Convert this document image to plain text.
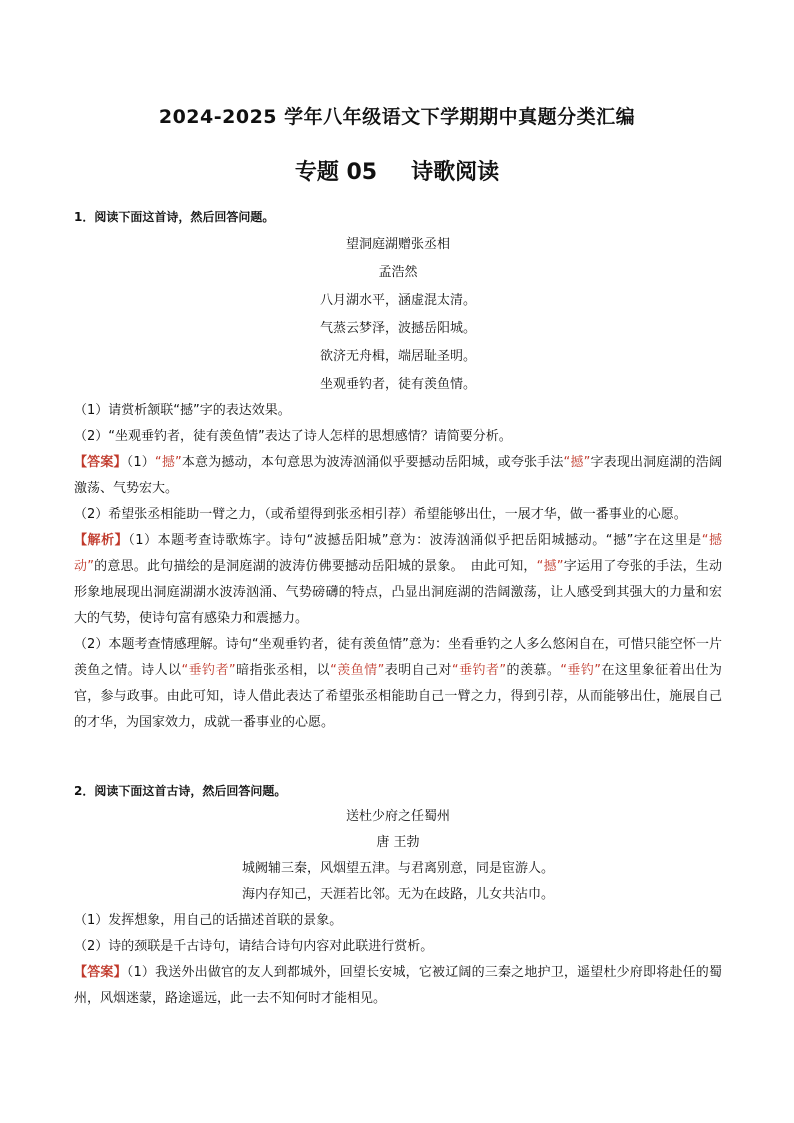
2024-2025 学年八年级语文下学期期中真题分类汇编
专题 05 诗歌阅读

1．阅读下面这首诗，然后回答问题。

望洞庭湖赠张丞相

孟浩然

八月湖水平，涵虚混太清。

气蒸云梦泽，波撼岳阳城。

欲济无舟楫，端居耻圣明。

坐观垂钓者，徒有羡鱼情。

（1）请赏析颔联“撼”字的表达效果。

（2）“坐观垂钓者，徒有羡鱼情”表达了诗人怎样的思想感情？请简要分析。

【答案】（1）“撼”本意为撼动，本句意思为波涛汹涌似乎要撼动岳阳城，或夸张手法“撼”字表现出洞庭湖的浩阔激荡、气势宏大。

（2）希望张丞相能助一臂之力，（或希望得到张丞相引荐）希望能够出仕，一展才华，做一番事业的心愿。

【解析】（1）本题考查诗歌炼字。诗句“波撼岳阳城”意为：波涛汹涌似乎把岳阳城撼动。“撼”字在这里是“撼动”的意思。此句描绘的是洞庭湖的波涛仿佛要撼动岳阳城的景象。　由此可知，“撼”字运用了夸张的手法，生动形象地展现出洞庭湖湖水波涛汹涌、气势磅礴的特点，凸显出洞庭湖的浩阔激荡，让人感受到其强大的力量和宏大的气势，使诗句富有感染力和震撼力。

（2）本题考查情感理解。诗句“坐观垂钓者，徒有羡鱼情”意为：坐看垂钓之人多么悠闲自在，可惜只能空怀一片羡鱼之情。诗人以“垂钓者”暗指张丞相，以“羡鱼情”表明自己对“垂钓者”的羡慕。“垂钓”在这里象征着出仕为官，参与政事。由此可知，诗人借此表达了希望张丞相能助自己一臂之力，得到引荐，从而能够出仕，施展自己的才华，为国家效力，成就一番事业的心愿。

2．阅读下面这首古诗，然后回答问题。

送杜少府之任蜀州

唐 王勃

城阙辅三秦，风烟望五津。与君离别意，同是宦游人。

海内存知己，天涯若比邻。无为在歧路，儿女共沾巾。

（1）发挥想象，用自己的话描述首联的景象。

（2）诗的颈联是千古诗句，请结合诗句内容对此联进行赏析。

【答案】（1）我送外出做官的友人到都城外，回望长安城，它被辽阔的三秦之地护卫，遥望杜少府即将赴任的蜀州，风烟迷蒙，路途遥远，此一去不知何时才能相见。
